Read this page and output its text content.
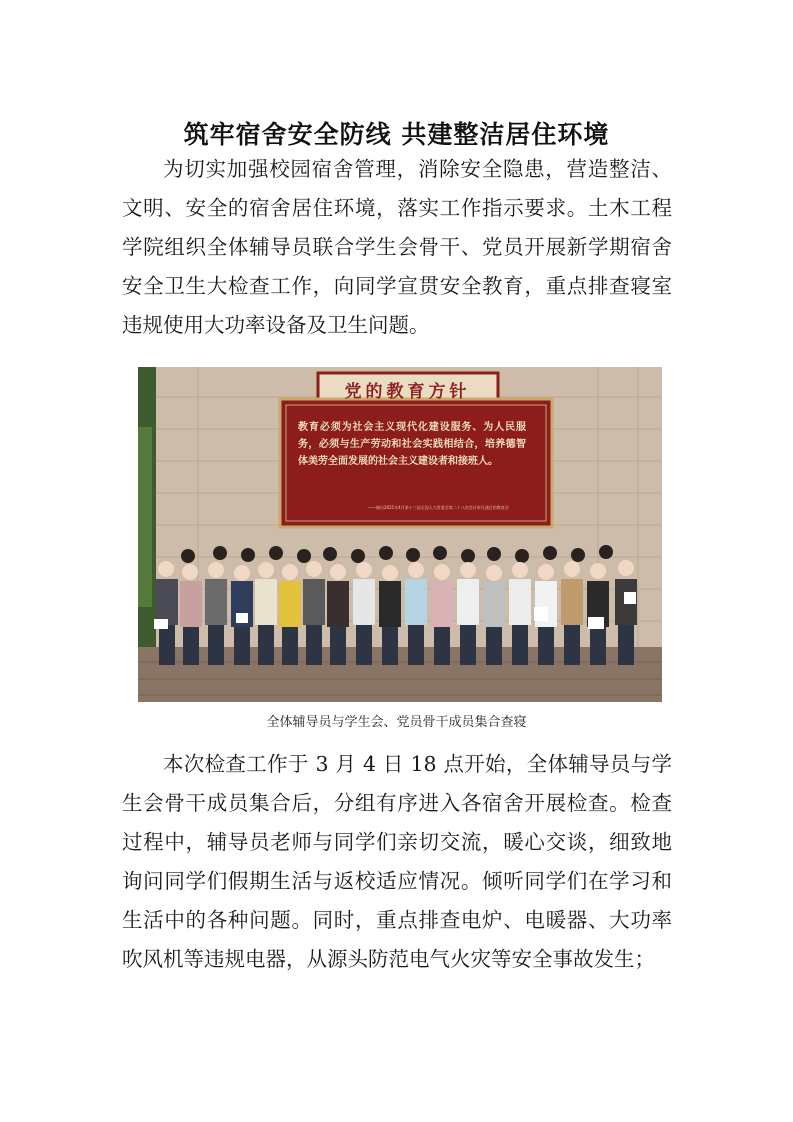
筑牢宿舍安全防线 共建整洁居住环境

为切实加强校园宿舍管理，消除安全隐患，营造整洁、文明、安全的宿舍居住环境，落实工作指示要求。土木工程学院组织全体辅导员联合学生会骨干、党员开展新学期宿舍安全卫生大检查工作，向同学宣贯安全教育，重点排查寝室违规使用大功率设备及卫生问题。

党的教育方针
教育必须为社会主义现代化建设服务、为人民服务，必须与生产劳动和社会实践相结合，培养德智体美劳全面发展的社会主义建设者和接班人。
——摘自2021年4月第十三届全国人大常委会第二十八次会议审议通过的教育法
全体辅导员与学生会、党员骨干成员集合查寝

本次检查工作于 3 月 4 日 18 点开始，全体辅导员与学生会骨干成员集合后，分组有序进入各宿舍开展检查。检查过程中，辅导员老师与同学们亲切交流，暖心交谈，细致地询问同学们假期生活与返校适应情况。倾听同学们在学习和生活中的各种问题。同时，重点排查电炉、电暖器、大功率吹风机等违规电器，从源头防范电气火灾等安全事故发生；
